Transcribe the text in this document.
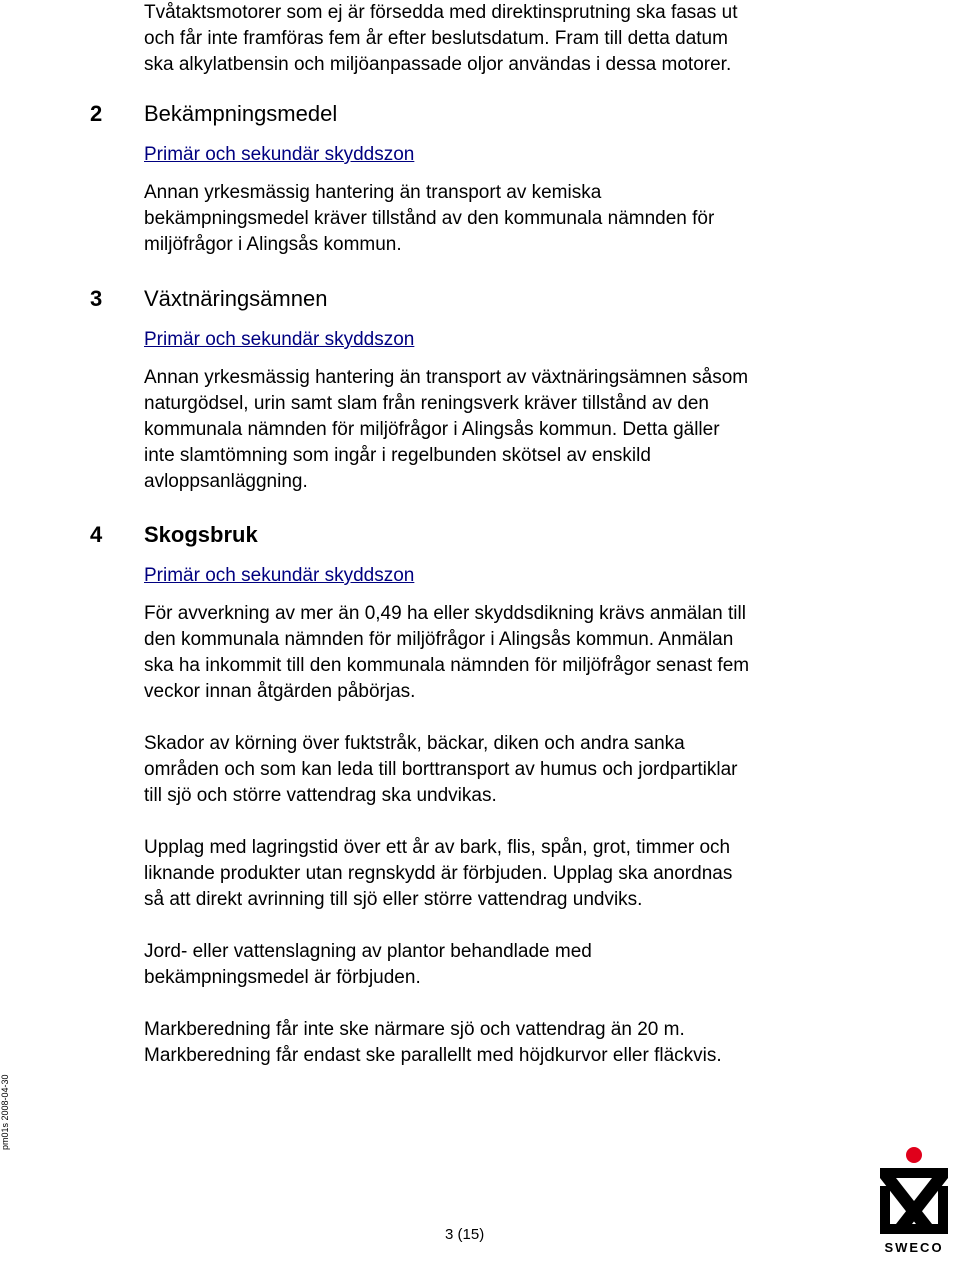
Tvåtaktsmotorer som ej är försedda med direktinsprutning ska fasas ut

och får inte framföras fem år efter beslutsdatum. Fram till detta datum

ska alkylatbensin och miljöanpassade oljor användas i dessa motorer.

2 Bekämpningsmedel

Primär och sekundär skyddszon

Annan yrkesmässig hantering än transport av kemiska

bekämpningsmedel kräver tillstånd av den kommunala nämnden för

miljöfrågor i Alingsås kommun.

3 Växtnäringsämnen

Primär och sekundär skyddszon

Annan yrkesmässig hantering än transport av växtnäringsämnen såsom

naturgödsel, urin samt slam från reningsverk kräver tillstånd av den

kommunala nämnden för miljöfrågor i Alingsås kommun. Detta gäller

inte slamtömning som ingår i regelbunden skötsel av enskild

avloppsanläggning.

4 Skogsbruk

Primär och sekundär skyddszon

För avverkning av mer än 0,49 ha eller skyddsdikning krävs anmälan till

den kommunala nämnden för miljöfrågor i Alingsås kommun. Anmälan

ska ha inkommit till den kommunala nämnden för miljöfrågor senast fem

veckor innan åtgärden påbörjas.

Skador av körning över fuktstråk, bäckar, diken och andra sanka

områden och som kan leda till borttransport av humus och jordpartiklar

till sjö och större vattendrag ska undvikas.

Upplag med lagringstid över ett år av bark, flis, spån, grot, timmer och

liknande produkter utan regnskydd är förbjuden. Upplag ska anordnas

så att direkt avrinning till sjö eller större vattendrag undviks.

Jord- eller vattenslagning av plantor behandlade med

bekämpningsmedel är förbjuden.

Markberedning får inte ske närmare sjö och vattendrag än 20 m.

Markberedning får endast ske parallellt med höjdkurvor eller fläckvis.

pm01s 2008-04-30
3 (15)
SWECO
